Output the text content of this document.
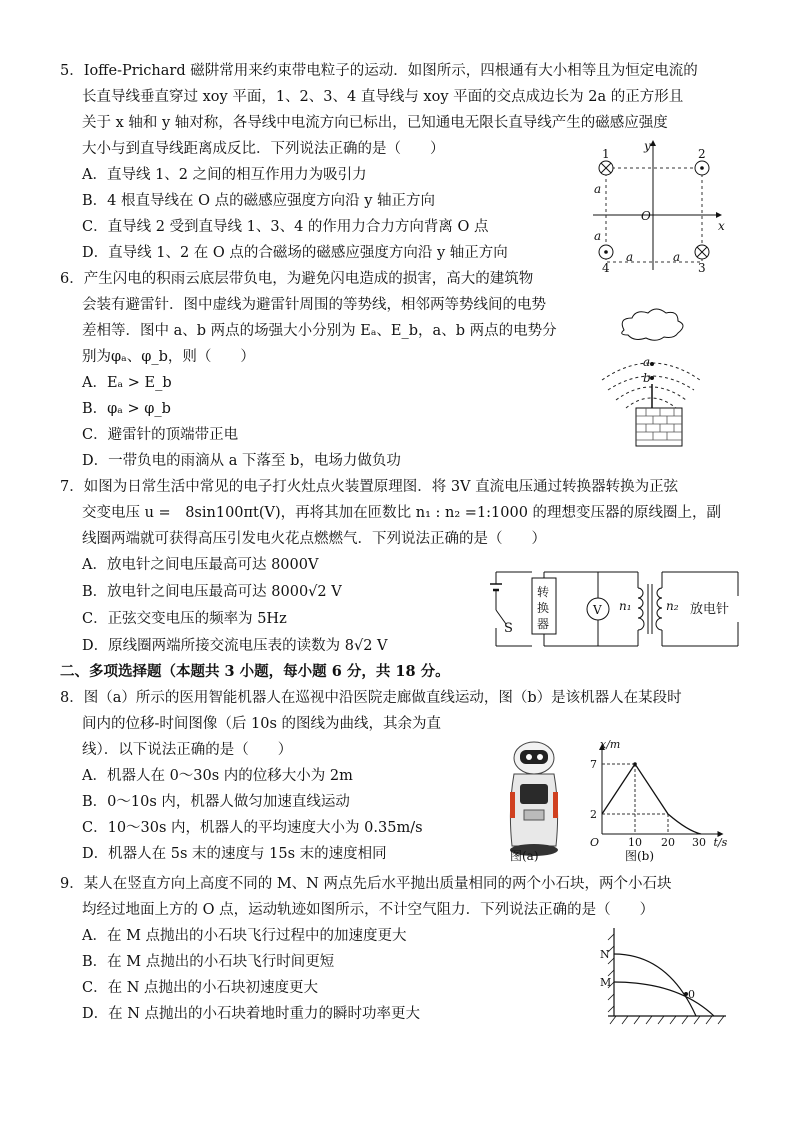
5．Ioffe-Prichard 磁阱常用来约束带电粒子的运动．如图所示，四根通有大小相等且为恒定电流的
长直导线垂直穿过 xoy 平面，1、2、3、4 直导线与 xoy 平面的交点成边长为 2a 的正方形且
关于 x 轴和 y 轴对称，各导线中电流方向已标出，已知通电无限长直导线产生的磁感应强度
大小与到直导线距离成反比．下列说法正确的是（　　）
A．直导线 1、2 之间的相互作用力为吸引力
B．4 根直导线在 O 点的磁感应强度方向沿 y 轴正方向
C．直导线 2 受到直导线 1、3、4 的作用力合力方向背离 O 点
D．直导线 1、2 在 O 点的合磁场的磁感应强度方向沿 y 轴正方向
y
x
O
1	2
3
4
a
a
a	a
6．产生闪电的积雨云底层带负电，为避免闪电造成的损害，高大的建筑物
会装有避雷针．图中虚线为避雷针周围的等势线，相邻两等势线间的电势
差相等．图中 a、b 两点的场强大小分别为 Eₐ、E_b，a、b 两点的电势分
别为φₐ、φ_b，则（　　）
A．Eₐ > E_b
B．φₐ > φ_b
C．避雷针的顶端带正电
D．一带负电的雨滴从 a 下落至 b，电场力做负功
a
b
7．如图为日常生活中常见的电子打火灶点火装置原理图．将 3V 直流电压通过转换器转换为正弦
交变电压 u =　8sin100πt(V)，再将其加在匝数比 n₁ : n₂ =1:1000 的理想变压器的原线圈上，副
线圈两端就可获得高压引发电火花点燃燃气．下列说法正确的是（　　）
A．放电针之间电压最高可达 8000V
B．放电针之间电压最高可达 8000√2 V
C．正弦交变电压的频率为 5Hz
D．原线圈两端所接交流电压表的读数为 8√2 V
S
转
换
器
V n₁	n₂ 放电针
二、多项选择题（本题共 3 小题，每小题 6 分，共 18 分。
8．图（a）所示的医用智能机器人在巡视中沿医院走廊做直线运动，图（b）是该机器人在某段时
间内的位移-时间图像（后 10s 的图线为曲线，其余为直
线）．以下说法正确的是（　　）
A．机器人在 0～30s 内的位移大小为 2m
B．0～10s 内，机器人做匀加速直线运动
C．10～30s 内，机器人的平均速度大小为 0.35m/s
D．机器人在 5s 末的速度与 15s 末的速度相同	图(a)
x/m
t/s
O
7
2
10 20 30
图(b)
9．某人在竖直方向上高度不同的 M、N 两点先后水平抛出质量相同的两个小石块，两个小石块
均经过地面上方的 O 点，运动轨迹如图所示，不计空气阻力．下列说法正确的是（　　）
A．在 M 点抛出的小石块飞行过程中的加速度更大
B．在 M 点抛出的小石块飞行时间更短
C．在 N 点抛出的小石块初速度更大
D．在 N 点抛出的小石块着地时重力的瞬时功率更大
N
M
0
